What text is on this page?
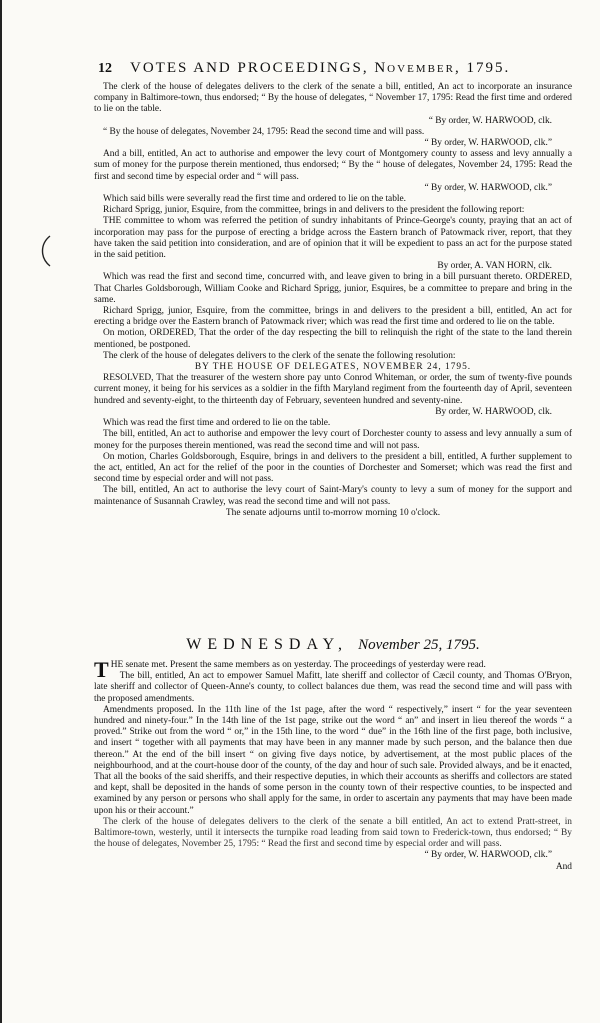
12 VOTES AND PROCEEDINGS, November, 1795.

The clerk of the house of delegates delivers to the clerk of the senate a bill, entitled, An act to incorporate an insurance company in Baltimore-town, thus endorsed; “ By the house of delegates, “ November 17, 1795: Read the first time and ordered to lie on the table.

“ By order, W. HARWOOD, clk.

“ By the house of delegates, November 24, 1795: Read the second time and will pass.

“ By order, W. HARWOOD, clk.”

And a bill, entitled, An act to authorise and empower the levy court of Montgomery county to assess and levy annually a sum of money for the purpose therein mentioned, thus endorsed; “ By the “ house of delegates, November 24, 1795: Read the first and second time by especial order and “ will pass.

“ By order, W. HARWOOD, clk.”

Which said bills were severally read the first time and ordered to lie on the table.

Richard Sprigg, junior, Esquire, from the committee, brings in and delivers to the president the following report:

THE committee to whom was referred the petition of sundry inhabitants of Prince-George's county, praying that an act of incorporation may pass for the purpose of erecting a bridge across the Eastern branch of Patowmack river, report, that they have taken the said petition into consideration, and are of opinion that it will be expedient to pass an act for the purpose stated in the said petition.

By order, A. VAN HORN, clk.

Which was read the first and second time, concurred with, and leave given to bring in a bill pursuant thereto. ORDERED, That Charles Goldsborough, William Cooke and Richard Sprigg, junior, Esquires, be a committee to prepare and bring in the same.

Richard Sprigg, junior, Esquire, from the committee, brings in and delivers to the president a bill, entitled, An act for erecting a bridge over the Eastern branch of Patowmack river; which was read the first time and ordered to lie on the table.

On motion, ORDERED, That the order of the day respecting the bill to relinquish the right of the state to the land therein mentioned, be postponed.

The clerk of the house of delegates delivers to the clerk of the senate the following resolution:

BY THE HOUSE OF DELEGATES, NOVEMBER 24, 1795.

RESOLVED, That the treasurer of the western shore pay unto Conrod Whiteman, or order, the sum of twenty-five pounds current money, it being for his services as a soldier in the fifth Maryland regiment from the fourteenth day of April, seventeen hundred and seventy-eight, to the thirteenth day of February, seventeen hundred and seventy-nine.

By order, W. HARWOOD, clk.

Which was read the first time and ordered to lie on the table.

The bill, entitled, An act to authorise and empower the levy court of Dorchester county to assess and levy annually a sum of money for the purposes therein mentioned, was read the second time and will not pass.

On motion, Charles Goldsborough, Esquire, brings in and delivers to the president a bill, entitled, A further supplement to the act, entitled, An act for the relief of the poor in the counties of Dorchester and Somerset; which was read the first and second time by especial order and will not pass.

The bill, entitled, An act to authorise the levy court of Saint-Mary's county to levy a sum of money for the support and maintenance of Susannah Crawley, was read the second time and will not pass.

The senate adjourns until to-morrow morning 10 o'clock.

WEDNESDAY, November 25, 1795.

T HE senate met. Present the same members as on yesterday. The proceedings of yesterday were read.

The bill, entitled, An act to empower Samuel Mafitt, late sheriff and collector of Cæcil county, and Thomas O'Bryon, late sheriff and collector of Queen-Anne's county, to collect balances due them, was read the second time and will pass with the proposed amendments.

Amendments proposed. In the 11th line of the 1st page, after the word “ respectively,” insert “ for the year seventeen hundred and ninety-four.” In the 14th line of the 1st page, strike out the word “ an” and insert in lieu thereof the words “ a proved.” Strike out from the word “ or,” in the 15th line, to the word “ due” in the 16th line of the first page, both inclusive, and insert “ together with all payments that may have been in any manner made by such person, and the balance then due thereon.” At the end of the bill insert “ on giving five days notice, by advertisement, at the most public places of the neighbourhood, and at the court-house door of the county, of the day and hour of such sale. Provided always, and be it enacted, That all the books of the said sheriffs, and their respective deputies, in which their accounts as sheriffs and collectors are stated and kept, shall be deposited in the hands of some person in the county town of their respective counties, to be inspected and examined by any person or persons who shall apply for the same, in order to ascertain any payments that may have been made upon his or their account.”

The clerk of the house of delegates delivers to the clerk of the senate a bill entitled, An act to extend Pratt-street, in Baltimore-town, westerly, until it intersects the turnpike road leading from said town to Frederick-town, thus endorsed; “ By the house of delegates, November 25, 1795: “ Read the first and second time by especial order and will pass.

“ By order, W. HARWOOD, clk.”

And
